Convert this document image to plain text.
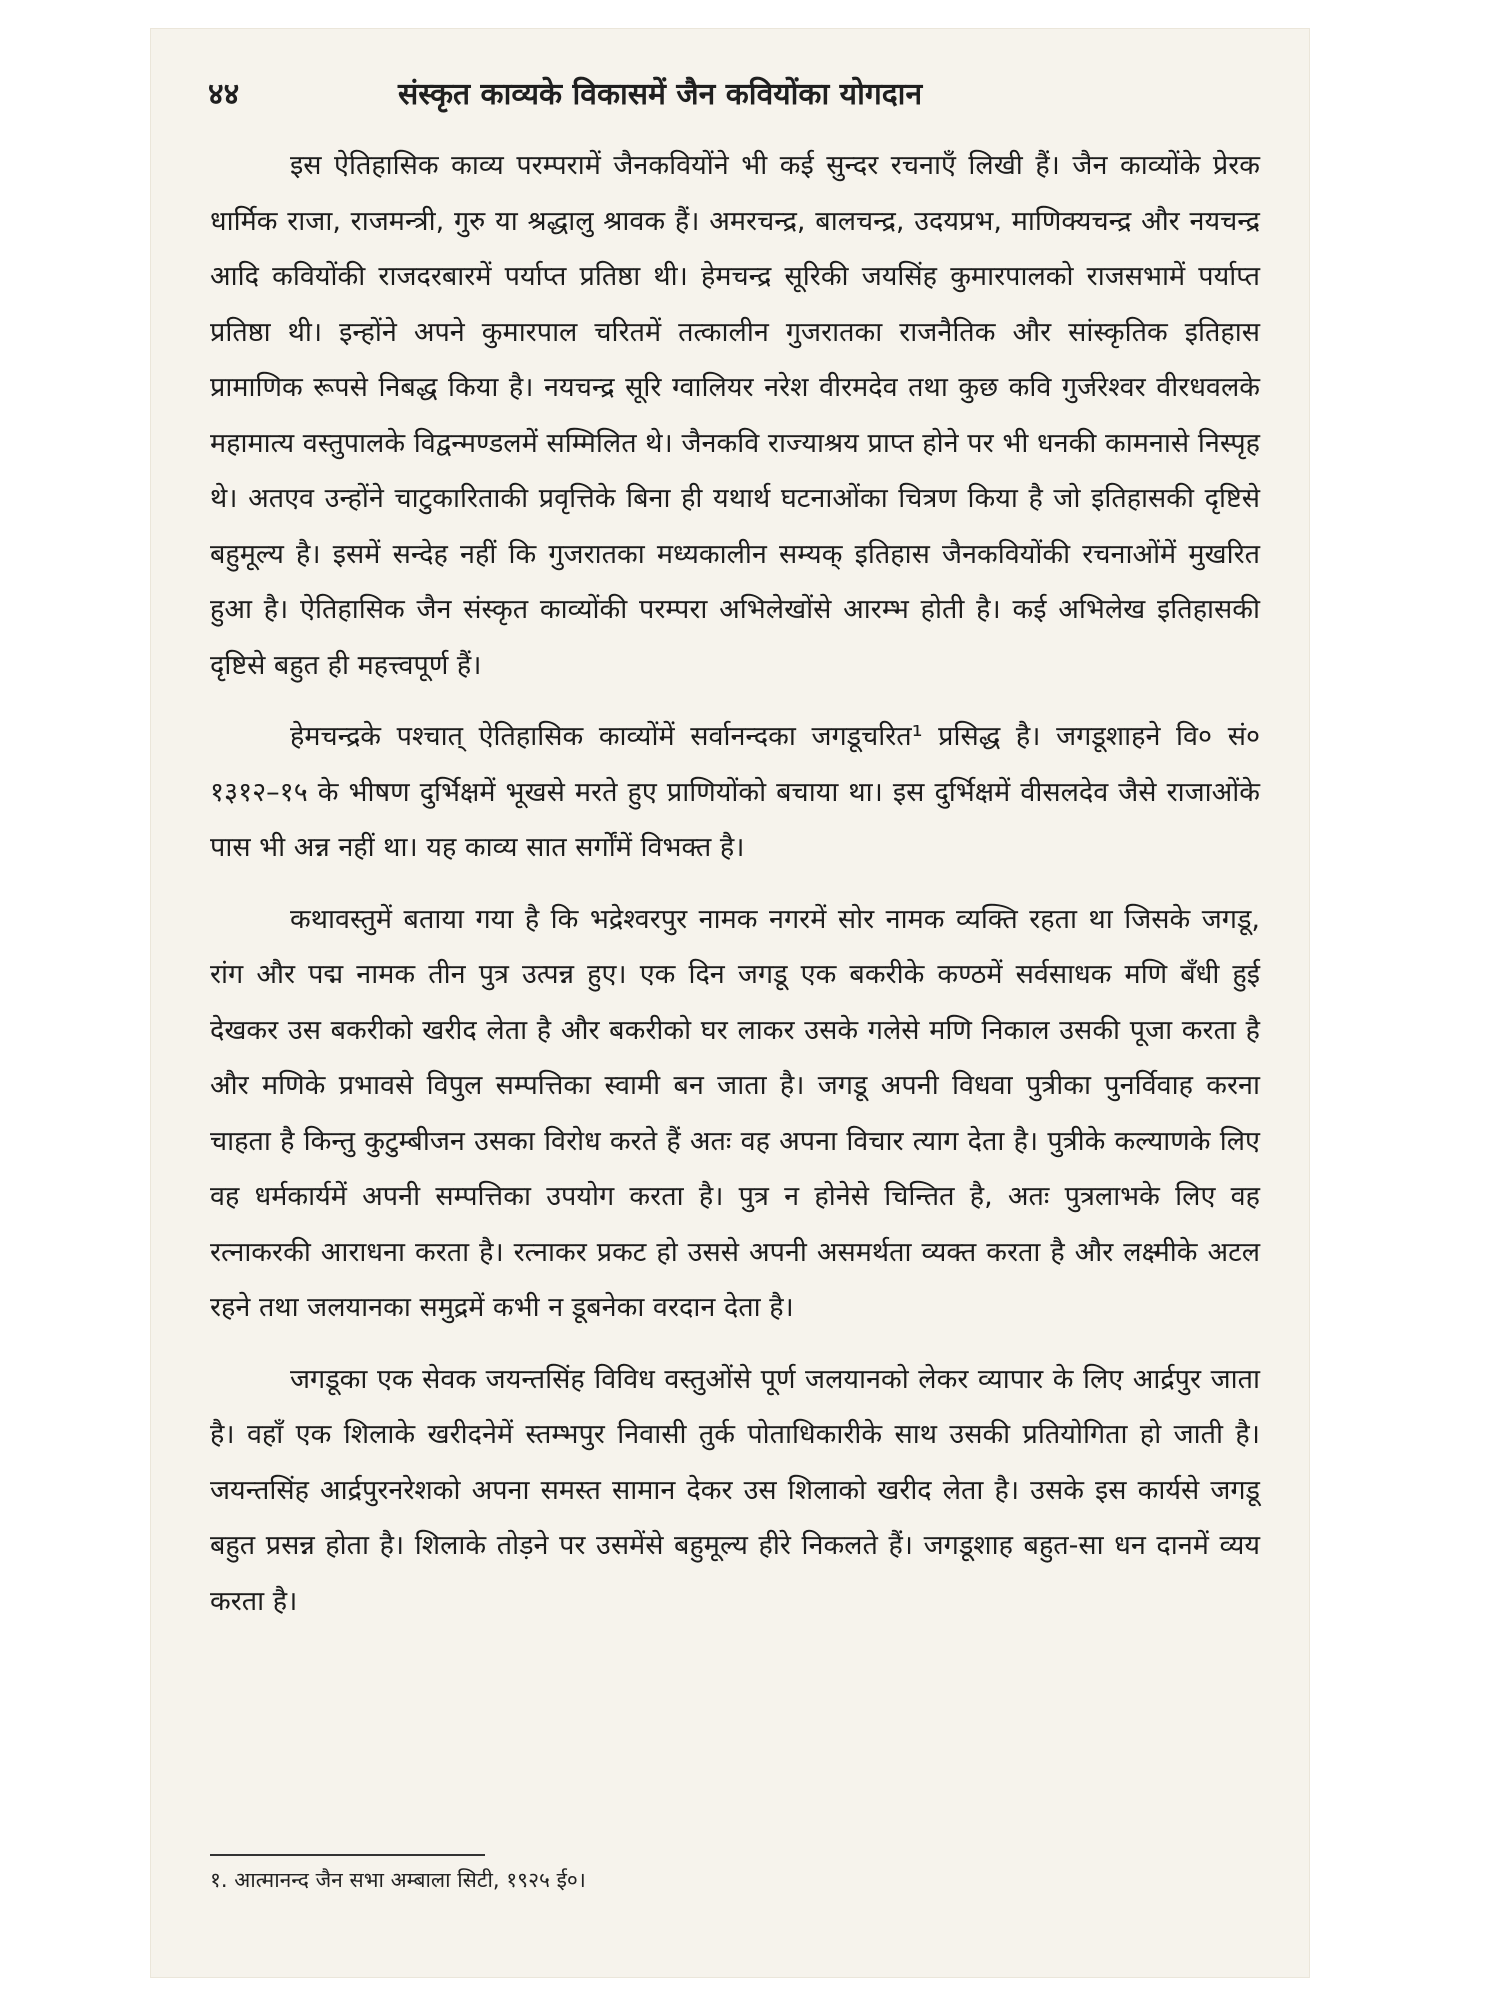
४४	संस्कृत काव्यके विकासमें जैन कवियोंका योगदान

इस ऐतिहासिक काव्य परम्परामें जैनकवियोंने भी कई सुन्दर रचनाएँ लिखी हैं। जैन काव्योंके प्रेरक धार्मिक राजा, राजमन्त्री, गुरु या श्रद्धालु श्रावक हैं। अमरचन्द्र, बालचन्द्र, उदयप्रभ, माणिक्यचन्द्र और नयचन्द्र आदि कवियोंकी राजदरबारमें पर्याप्त प्रतिष्ठा थी। हेमचन्द्र सूरिकी जयसिंह कुमारपालको राजसभामें पर्याप्त प्रतिष्ठा थी। इन्होंने अपने कुमारपाल चरितमें तत्कालीन गुजरातका राजनैतिक और सांस्कृतिक इतिहास प्रामाणिक रूपसे निबद्ध किया है। नयचन्द्र सूरि ग्वालियर नरेश वीरमदेव तथा कुछ कवि गुर्जरेश्वर वीरधवलके महामात्य वस्तुपालके विद्वन्मण्डलमें सम्मिलित थे। जैनकवि राज्याश्रय प्राप्त होने पर भी धनकी कामनासे निस्पृह थे। अतएव उन्होंने चाटुकारिताकी प्रवृत्तिके बिना ही यथार्थ घटनाओंका चित्रण किया है जो इतिहासकी दृष्टिसे बहुमूल्य है। इसमें सन्देह नहीं कि गुजरातका मध्यकालीन सम्यक् इतिहास जैनकवियोंकी रचनाओंमें मुखरित हुआ है। ऐतिहासिक जैन संस्कृत काव्योंकी परम्परा अभिलेखोंसे आरम्भ होती है। कई अभिलेख इतिहासकी दृष्टिसे बहुत ही महत्त्वपूर्ण हैं।

हेमचन्द्रके पश्चात् ऐतिहासिक काव्योंमें सर्वानन्दका जगडूचरित¹ प्रसिद्ध है। जगडूशाहने वि० सं० १३१२–१५ के भीषण दुर्भिक्षमें भूखसे मरते हुए प्राणियोंको बचाया था। इस दुर्भिक्षमें वीसलदेव जैसे राजाओंके पास भी अन्न नहीं था। यह काव्य सात सर्गोंमें विभक्त है।

कथावस्तुमें बताया गया है कि भद्रेश्वरपुर नामक नगरमें सोर नामक व्यक्ति रहता था जिसके जगडू, रांग और पद्म नामक तीन पुत्र उत्पन्न हुए। एक दिन जगडू एक बकरीके कण्ठमें सर्वसाधक मणि बँधी हुई देखकर उस बकरीको खरीद लेता है और बकरीको घर लाकर उसके गलेसे मणि निकाल उसकी पूजा करता है और मणिके प्रभावसे विपुल सम्पत्तिका स्वामी बन जाता है। जगडू अपनी विधवा पुत्रीका पुनर्विवाह करना चाहता है किन्तु कुटुम्बीजन उसका विरोध करते हैं अतः वह अपना विचार त्याग देता है। पुत्रीके कल्याणके लिए वह धर्मकार्यमें अपनी सम्पत्तिका उपयोग करता है। पुत्र न होनेसे चिन्तित है, अतः पुत्रलाभके लिए वह रत्नाकरकी आराधना करता है। रत्नाकर प्रकट हो उससे अपनी असमर्थता व्यक्त करता है और लक्ष्मीके अटल रहने तथा जलयानका समुद्रमें कभी न डूबनेका वरदान देता है।

जगडूका एक सेवक जयन्तसिंह विविध वस्तुओंसे पूर्ण जलयानको लेकर व्यापार के लिए आर्द्रपुर जाता है। वहाँ एक शिलाके खरीदनेमें स्तम्भपुर निवासी तुर्क पोताधिकारीके साथ उसकी प्रतियोगिता हो जाती है। जयन्तसिंह आर्द्रपुरनरेशको अपना समस्त सामान देकर उस शिलाको खरीद लेता है। उसके इस कार्यसे जगडू बहुत प्रसन्न होता है। शिलाके तोड़ने पर उसमेंसे बहुमूल्य हीरे निकलते हैं। जगडूशाह बहुत-सा धन दानमें व्यय करता है।

१. आत्मानन्द जैन सभा अम्बाला सिटी, १९२५ ई०।
